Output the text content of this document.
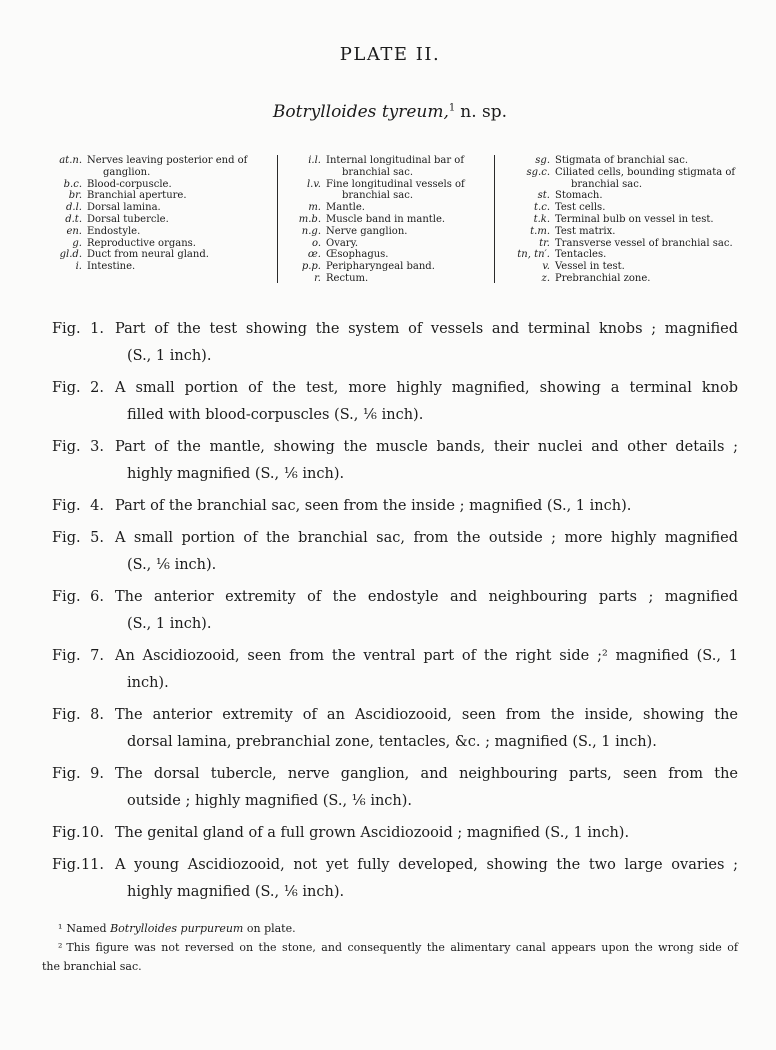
PLATE II.
Botrylloides tyreum,$^1$ n. sp.
at.n. Nerves leaving posterior end of ganglion.
b.c. Blood-corpuscle.
br. Branchial aperture.
d.l. Dorsal lamina.
d.t. Dorsal tubercle.
en. Endostyle.
g. Reproductive organs.
gl.d. Duct from neural gland.
i. Intestine.
i.l. Internal longitudinal bar of branchial sac.
l.v. Fine longitudinal vessels of branchial sac.
m. Mantle.
m.b. Muscle band in mantle.
n.g. Nerve ganglion.
o. Ovary.
œ. Œsophagus.
p.p. Peripharyngeal band.
r. Rectum.
sg. Stigmata of branchial sac.
sg.c. Ciliated cells, bounding stigmata of branchial sac.
st. Stomach.
t.c. Test cells.
t.k. Terminal bulb on vessel in test.
t.m. Test matrix.
tr. Transverse vessel of branchial sac.
tn, tn′. Tentacles.
v. Vessel in test.
z. Prebranchial zone.
Fig. 1. Part of the test showing the system of vessels and terminal knobs ; magnified
(S., 1 inch).
Fig. 2. A small portion of the test, more highly magnified, showing a terminal knob
filled with blood-corpuscles (S., ⅙ inch).
Fig. 3. Part of the mantle, showing the muscle bands, their nuclei and other details ;
highly magnified (S., ⅙ inch).
Fig. 4. Part of the branchial sac, seen from the inside ; magnified (S., 1 inch).
Fig. 5. A small portion of the branchial sac, from the outside ; more highly magnified
(S., ⅙ inch).
Fig. 6. The anterior extremity of the endostyle and neighbouring parts ; magnified
(S., 1 inch).
Fig. 7. An Ascidiozooid, seen from the ventral part of the right side ;² magnified (S., 1
inch).
Fig. 8. The anterior extremity of an Ascidiozooid, seen from the inside, showing the
dorsal lamina, prebranchial zone, tentacles, &c. ; magnified (S., 1 inch).
Fig. 9. The dorsal tubercle, nerve ganglion, and neighbouring parts, seen from the
outside ; highly magnified (S., ⅙ inch).
Fig. 10. The genital gland of a full grown Ascidiozooid ; magnified (S., 1 inch).
Fig. 11. A young Ascidiozooid, not yet fully developed, showing the two large ovaries ;
highly magnified (S., ⅙ inch).
¹ Named Botrylloides purpureum on plate.
² This figure was not reversed on the stone, and consequently the alimentary canal appears upon the wrong side of
the branchial sac.
